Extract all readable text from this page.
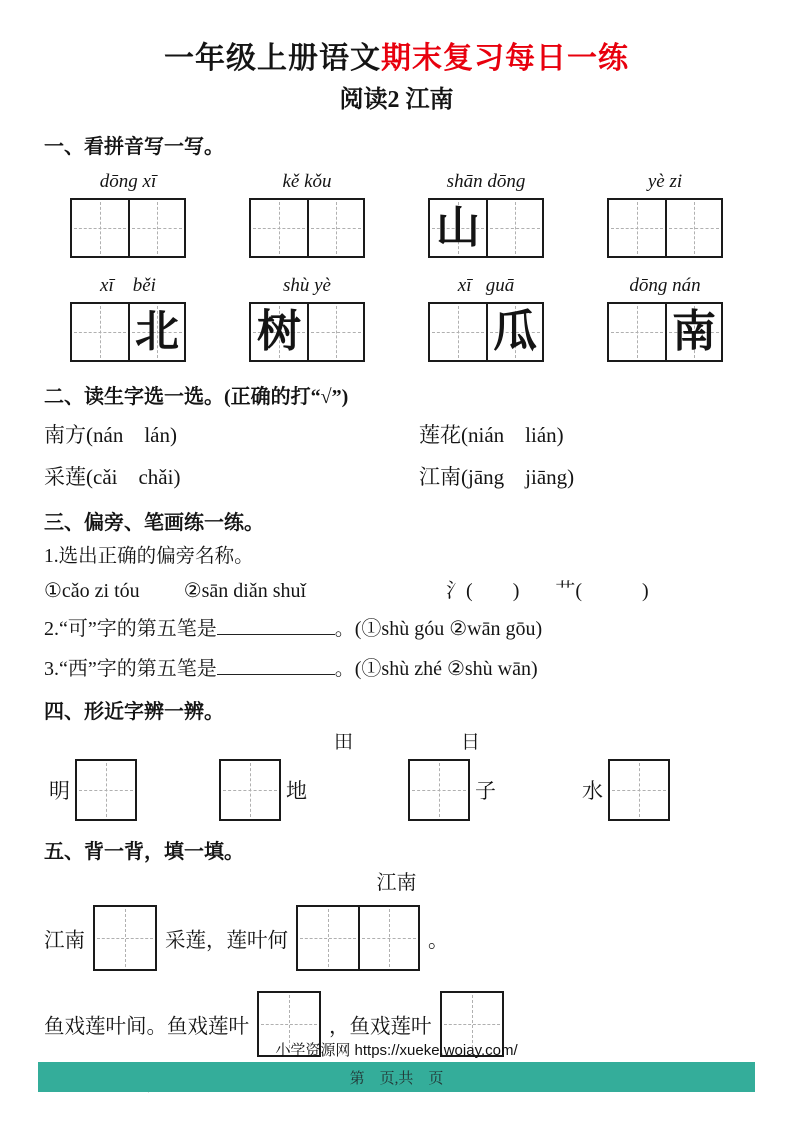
一年级上册语文期末复习每日一练
阅读2 江南
一、看拼音写一写。
dōng xī	kě kǒu	shān dōng
山
yè zi
xī    běi
北
shù yè
树
xī   guā
瓜
dōng nán
南
二、读生字选一选。(正确的打“√”)
南方(nán　lán)	莲花(nián　lián)
采莲(cǎi　chǎi)	江南(jāng　jiāng)
三、偏旁、笔画练一练。
1.选出正确的偏旁名称。
①cǎo zi tóu ②sān diǎn shuǐ	氵(　　) 艹(　　　)
2.“可”字的第五笔是	。(①shù góu ②wān gōu)
3.“西”字的第五笔是	。(①shù zhé ②shù wān)
四、形近字辨一辨。
田	日
明	地	子	水
五、背一背，填一填。
江南
江南	采莲，莲叶何	。
鱼戏莲叶间。鱼戏莲叶	，鱼戏莲叶
小学资源网 https://xueke.woiay.com/
第　页,共　页
